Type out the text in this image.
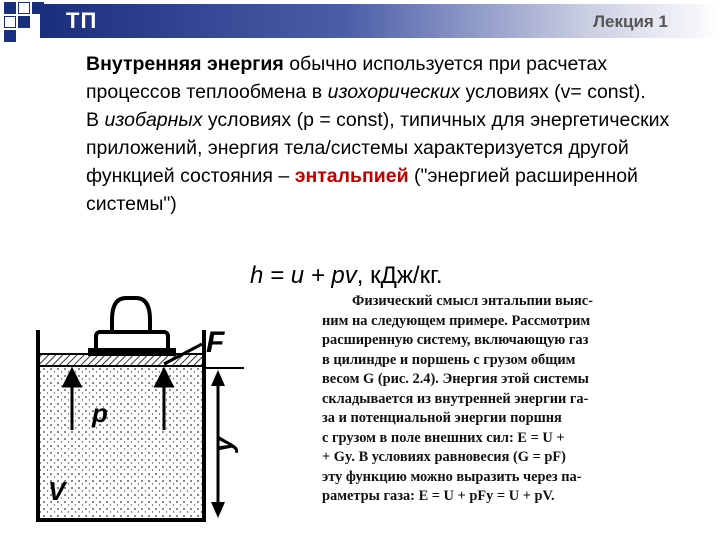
ТП	Лекция 1

Внутренняя энергия обычно используется при расчетах процессов теплообмена в изохорических условиях (v= const).

В изобарных условиях (p = const), типичных для энергетических приложений, энергия тела/системы характеризуется другой функцией состояния – энтальпией ("энергией расширенной системы")

h = u + pv, кДж/кг.
F
p
V
y
Физический смысл энтальпии выяс-
ним на следующем примере. Рассмотрим
расширенную систему, включающую газ
в цилиндре и поршень с грузом общим
весом G (рис. 2.4). Энергия этой системы
складывается из внутренней энергии га-
за и потенциальной энергии поршня
с грузом в поле внешних сил: E = U +
+ Gy. В условиях равновесия (G = pF)
эту функцию можно выразить через па-
раметры газа: E = U + pFy = U + pV.
